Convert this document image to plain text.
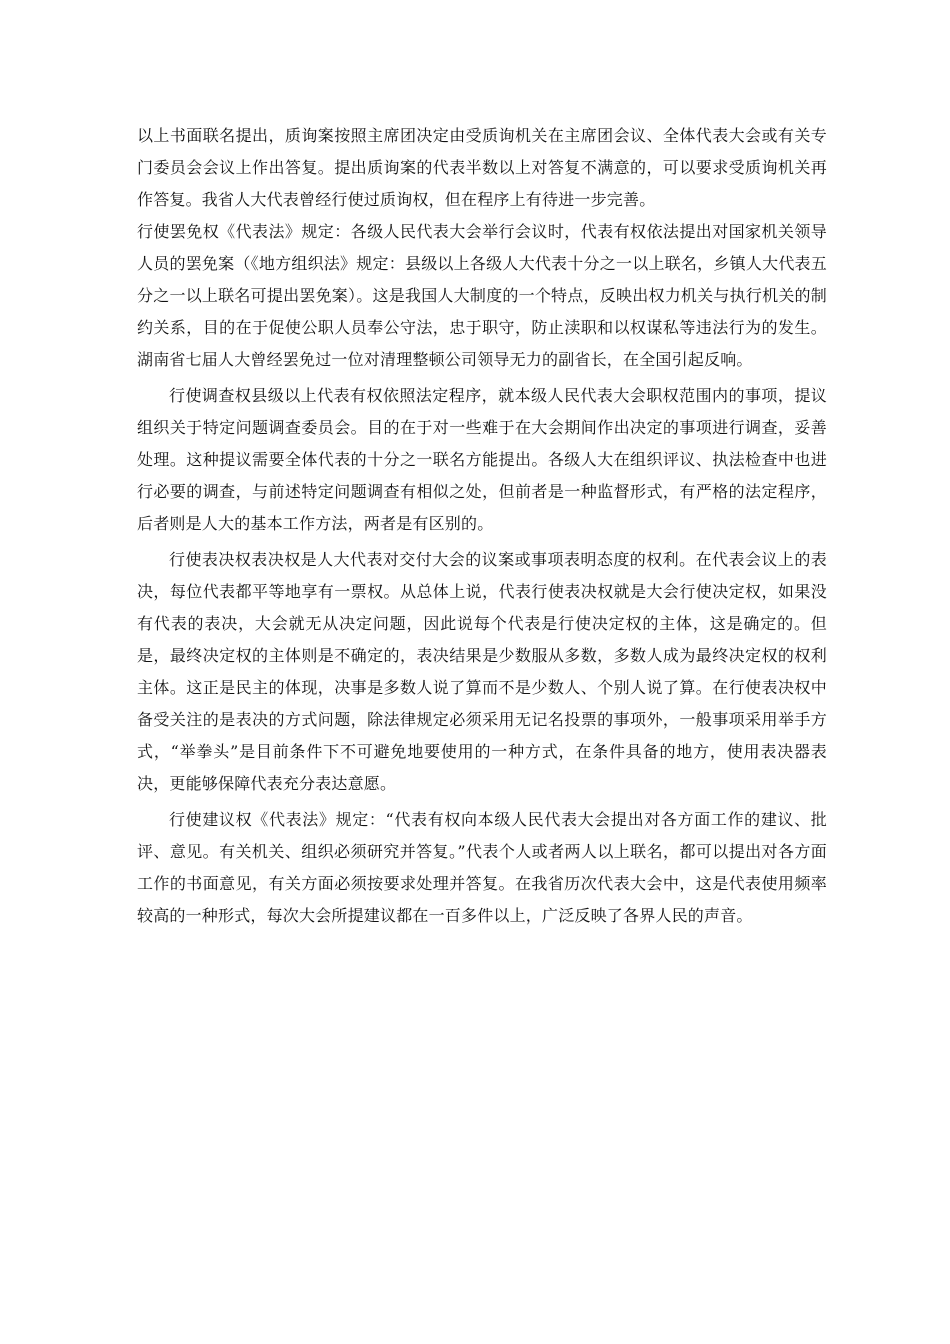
以上书面联名提出，质询案按照主席团决定由受质询机关在主席团会议、全体代表大会或有关专门委员会会议上作出答复。提出质询案的代表半数以上对答复不满意的，可以要求受质询机关再作答复。我省人大代表曾经行使过质询权，但在程序上有待进一步完善。

行使罢免权《代表法》规定：各级人民代表大会举行会议时，代表有权依法提出对国家机关领导人员的罢免案（《地方组织法》规定：县级以上各级人大代表十分之一以上联名，乡镇人大代表五分之一以上联名可提出罢免案）。这是我国人大制度的一个特点，反映出权力机关与执行机关的制约关系，目的在于促使公职人员奉公守法，忠于职守，防止渎职和以权谋私等违法行为的发生。湖南省七届人大曾经罢免过一位对清理整顿公司领导无力的副省长，在全国引起反响。

行使调查权县级以上代表有权依照法定程序，就本级人民代表大会职权范围内的事项，提议组织关于特定问题调查委员会。目的在于对一些难于在大会期间作出决定的事项进行调查，妥善处理。这种提议需要全体代表的十分之一联名方能提出。各级人大在组织评议、执法检查中也进行必要的调查，与前述特定问题调查有相似之处，但前者是一种监督形式，有严格的法定程序，后者则是人大的基本工作方法，两者是有区别的。

行使表决权表决权是人大代表对交付大会的议案或事项表明态度的权利。在代表会议上的表决，每位代表都平等地享有一票权。从总体上说，代表行使表决权就是大会行使决定权，如果没有代表的表决，大会就无从决定问题，因此说每个代表是行使决定权的主体，这是确定的。但是，最终决定权的主体则是不确定的，表决结果是少数服从多数，多数人成为最终决定权的权利主体。这正是民主的体现，决事是多数人说了算而不是少数人、个别人说了算。在行使表决权中备受关注的是表决的方式问题，除法律规定必须采用无记名投票的事项外，一般事项采用举手方式，“举拳头”是目前条件下不可避免地要使用的一种方式，在条件具备的地方，使用表决器表决，更能够保障代表充分表达意愿。

行使建议权《代表法》规定：“代表有权向本级人民代表大会提出对各方面工作的建议、批评、意见。有关机关、组织必须研究并答复。”代表个人或者两人以上联名，都可以提出对各方面工作的书面意见，有关方面必须按要求处理并答复。在我省历次代表大会中，这是代表使用频率较高的一种形式，每次大会所提建议都在一百多件以上，广泛反映了各界人民的声音。
